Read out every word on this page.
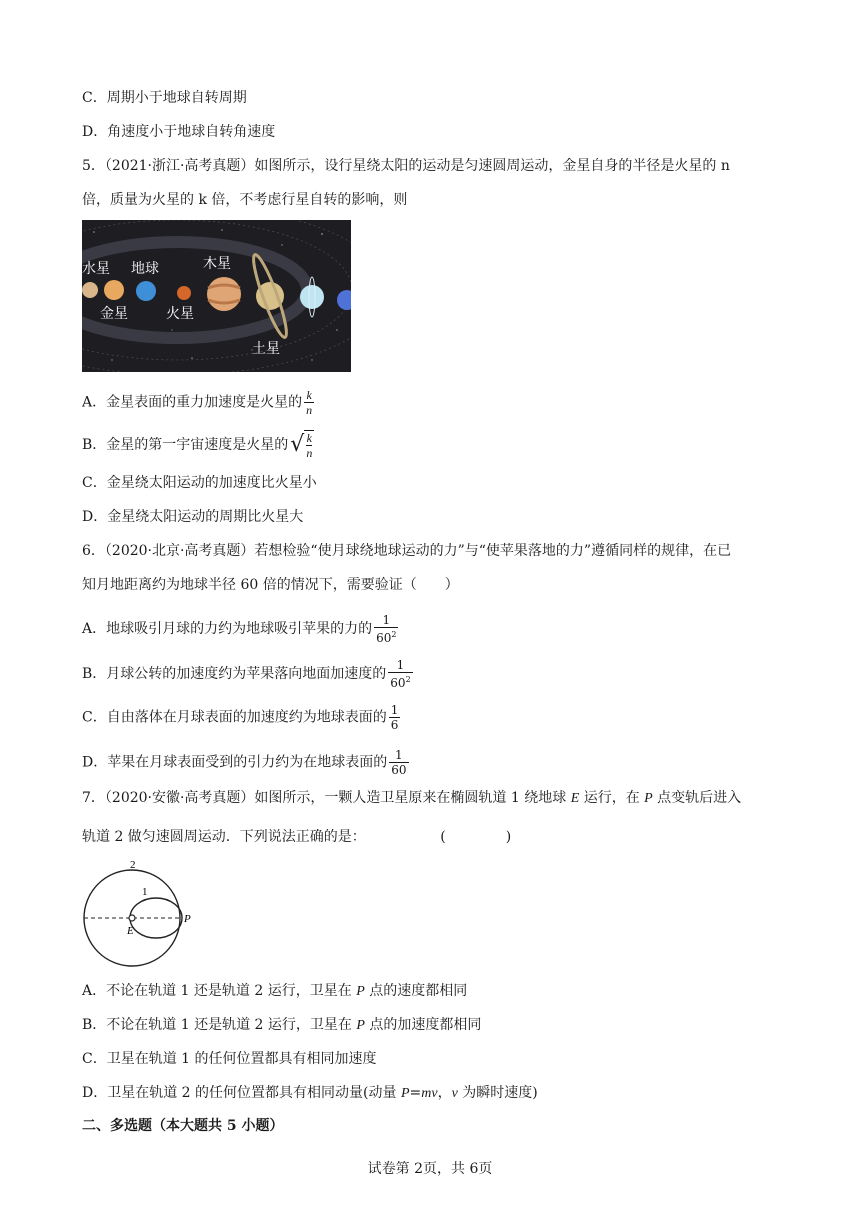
C．周期小于地球自转周期
D．角速度小于地球自转角速度
5．（2021·浙江·高考真题）如图所示，设行星绕太阳的运动是匀速圆周运动，金星自身的半径是火星的 n
倍，质量为火星的 k 倍，不考虑行星自转的影响，则
水星 地球	木星
金星	火星
土星
A．金星表面的重力加速度是火星的 $\frac{k}{n}$
B．金星的第一宇宙速度是火星的 √ $\frac{k}{n}$
C．金星绕太阳运动的加速度比火星小
D．金星绕太阳运动的周期比火星大
6．（2020·北京·高考真题）若想检验“使月球绕地球运动的力”与“使苹果落地的力”遵循同样的规律，在已
知月地距离约为地球半径 60 倍的情况下，需要验证（　　）
A．地球吸引月球的力约为地球吸引苹果的力的 $\frac{1}{60^2}$
B．月球公转的加速度约为苹果落向地面加速度的 $\frac{1}{60^2}$
C．自由落体在月球表面的加速度约为地球表面的 $\frac{1}{6}$
D．苹果在月球表面受到的引力约为在地球表面的 $\frac{1}{60}$
7．（2020·安徽·高考真题）如图所示，一颗人造卫星原来在椭圆轨道 1 绕地球 E 运行，在 P 点变轨后进入
轨道 2 做匀速圆周运动．下列说法正确的是：	(	)
2
1
P
E
A．不论在轨道 1 还是轨道 2 运行，卫星在 P 点的速度都相同
B．不论在轨道 1 还是轨道 2 运行，卫星在 P 点的加速度都相同
C．卫星在轨道 1 的任何位置都具有相同加速度
D．卫星在轨道 2 的任何位置都具有相同动量(动量 P=mv，v 为瞬时速度)
二、多选题（本大题共 5 小题）
试卷第 2页，共 6页
